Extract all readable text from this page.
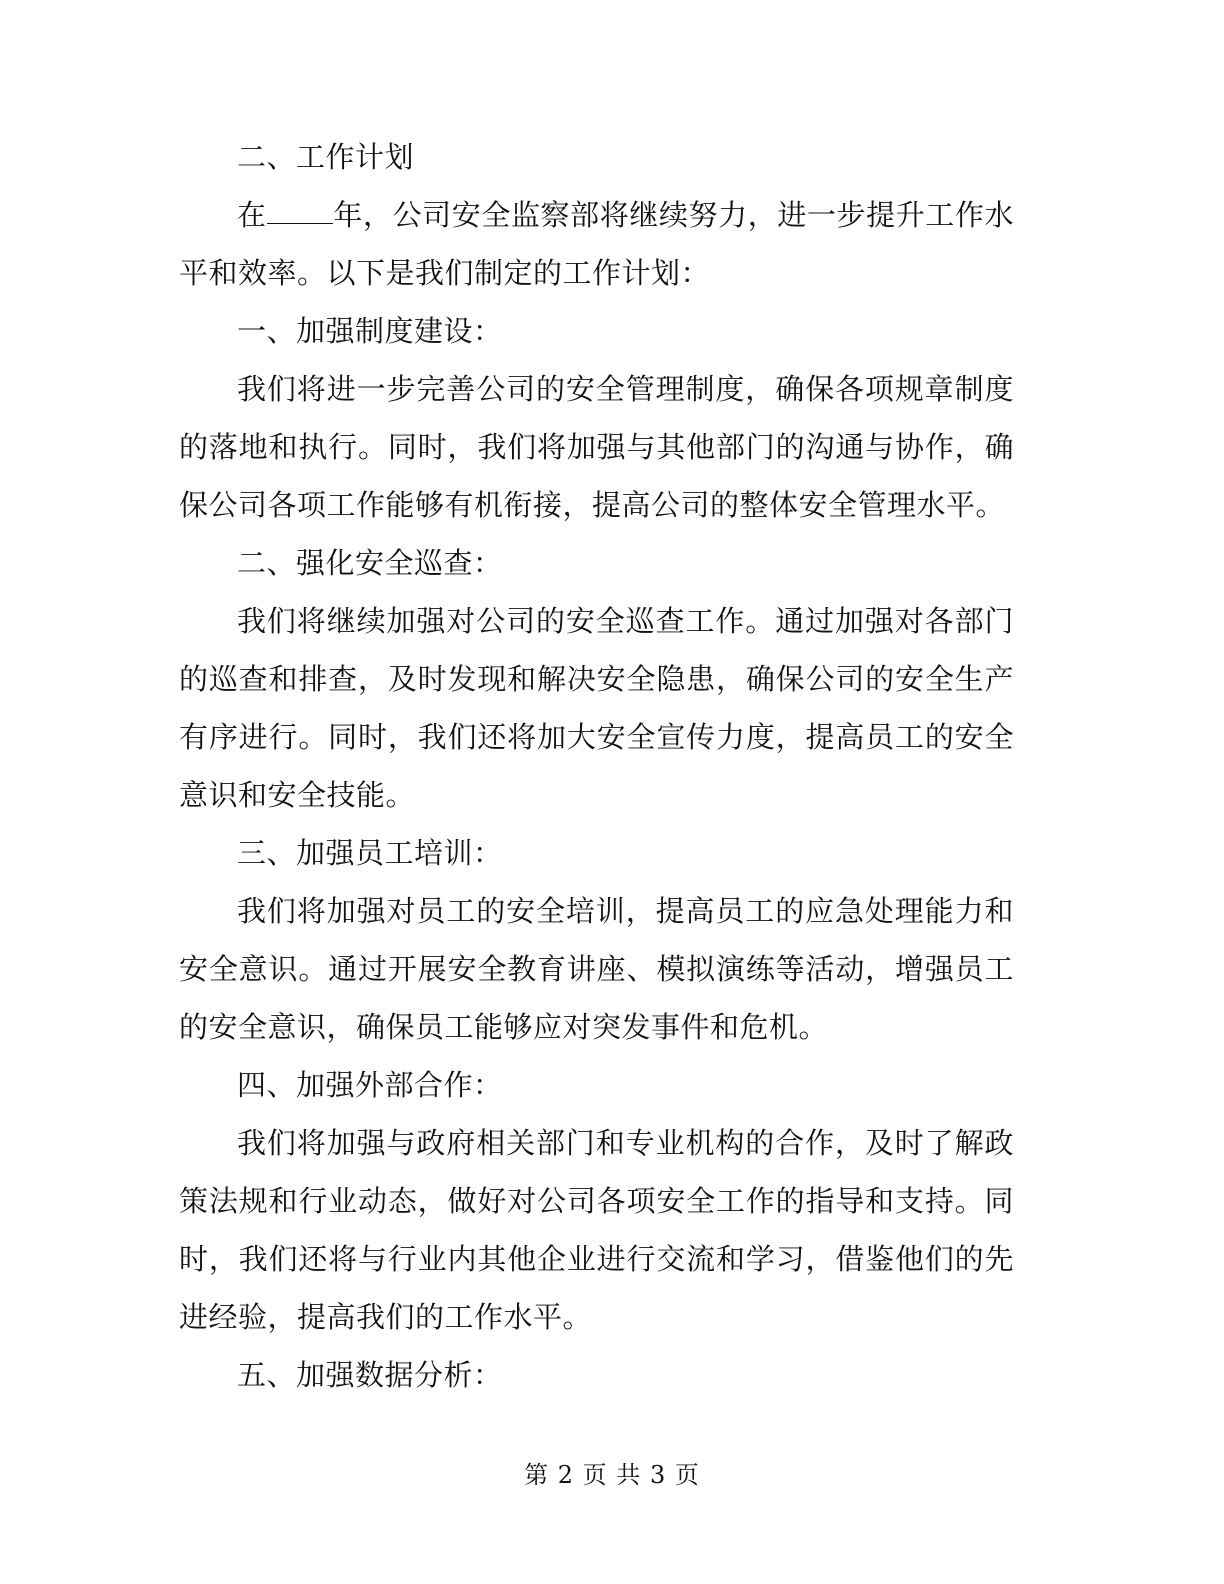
二、工作计划

在 年，公司安全监察部将继续努力，进一步提升工作水平和效率。以下是我们制定的工作计划：

一、加强制度建设：

我们将进一步完善公司的安全管理制度，确保各项规章制度的落地和执行。同时，我们将加强与其他部门的沟通与协作，确保公司各项工作能够有机衔接，提高公司的整体安全管理水平。

二、强化安全巡查：

我们将继续加强对公司的安全巡查工作。通过加强对各部门的巡查和排查，及时发现和解决安全隐患，确保公司的安全生产有序进行。同时，我们还将加大安全宣传力度，提高员工的安全意识和安全技能。

三、加强员工培训：

我们将加强对员工的安全培训，提高员工的应急处理能力和安全意识。通过开展安全教育讲座、模拟演练等活动，增强员工的安全意识，确保员工能够应对突发事件和危机。

四、加强外部合作：

我们将加强与政府相关部门和专业机构的合作，及时了解政策法规和行业动态，做好对公司各项安全工作的指导和支持。同时，我们还将与行业内其他企业进行交流和学习，借鉴他们的先进经验，提高我们的工作水平。

五、加强数据分析：

第 2 页 共 3 页
